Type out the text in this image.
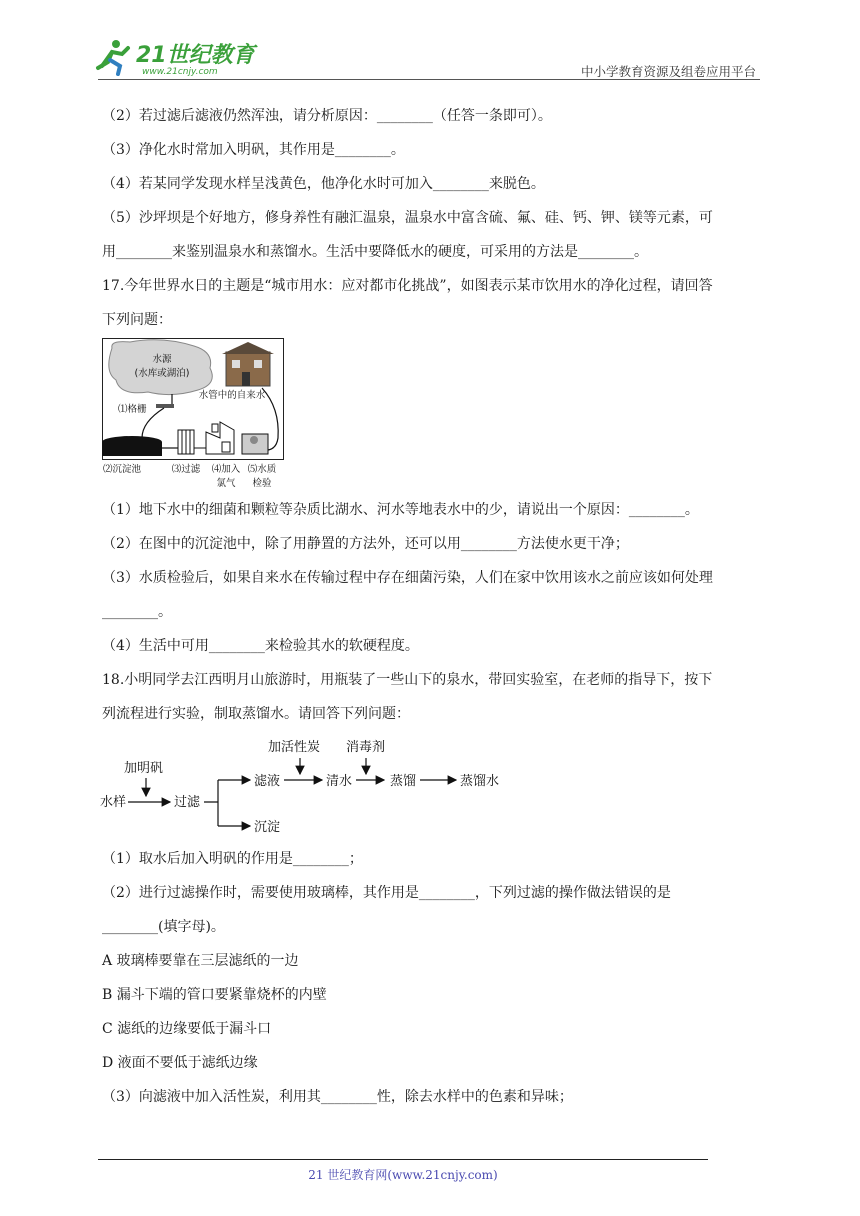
21世纪教育
www.21cnjy.com	中小学教育资源及组卷应用平台
（2）若过滤后滤液仍然浑浊，请分析原因：________（任答一条即可）。
（3）净化水时常加入明矾，其作用是________。
（4）若某同学发现水样呈浅黄色，他净化水时可加入________来脱色。
（5）沙坪坝是个好地方，修身养性有融汇温泉，温泉水中富含硫、氟、硅、钙、钾、镁等元素，可
用________来鉴别温泉水和蒸馏水。生活中要降低水的硬度，可采用的方法是________。
17.今年世界水日的主题是“城市用水：应对都市化挑战”，如图表示某市饮用水的净化过程，请回答
下列问题：
水源
(水库或湖泊)
水管中的自来水
⑴格栅
⑵沉淀池	⑶过滤 ⑷加入
氯气
⑸水质
检验
（1）地下水中的细菌和颗粒等杂质比湖水、河水等地表水中的少，请说出一个原因：________。
（2）在图中的沉淀池中，除了用静置的方法外，还可以用________方法使水更干净；
（3）水质检验后，如果自来水在传输过程中存在细菌污染，人们在家中饮用该水之前应该如何处理
________。
（4）生活中可用________来检验其水的软硬程度。
18.小明同学去江西明月山旅游时，用瓶装了一些山下的泉水，带回实验室，在老师的指导下，按下
列流程进行实验，制取蒸馏水。请回答下列问题：
加明矾
水样	过滤
滤液
沉淀
加活性炭
清水
消毒剂
蒸馏	蒸馏水
（1）取水后加入明矾的作用是________；
（2）进行过滤操作时，需要使用玻璃棒，其作用是________，下列过滤的操作做法错误的是
________(填字母)。
A 玻璃棒要靠在三层滤纸的一边
B 漏斗下端的管口要紧靠烧杯的内壁
C 滤纸的边缘要低于漏斗口
D 液面不要低于滤纸边缘
（3）向滤液中加入活性炭，利用其________性，除去水样中的色素和异味；
21 世纪教育网(www.21cnjy.com)
